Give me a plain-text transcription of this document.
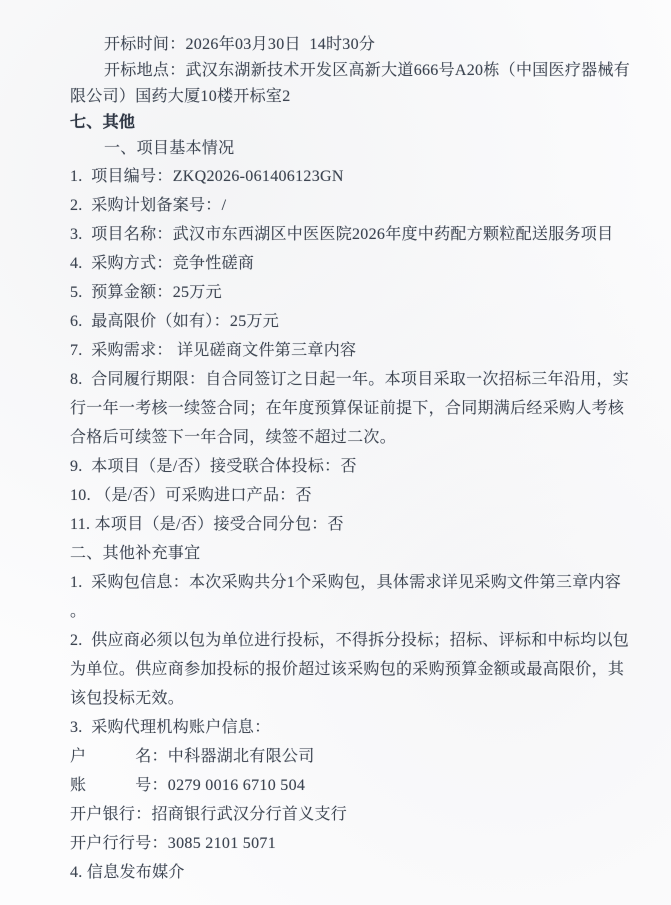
开标时间：2026年03月30日  14时30分
开标地点：武汉东湖新技术开发区高新大道666号A20栋（中国医疗器械有
限公司）国药大厦10楼开标室2
七、其他
一、项目基本情况
1.  项目编号：ZKQ2026-061406123GN
2.  采购计划备案号：/
3.  项目名称：武汉市东西湖区中医医院2026年度中药配方颗粒配送服务项目
4.  采购方式：竞争性磋商
5.  预算金额：25万元
6.  最高限价（如有）：25万元
7.  采购需求： 详见磋商文件第三章内容
8.  合同履行期限：自合同签订之日起一年。本项目采取一次招标三年沿用，实
行一年一考核一续签合同；在年度预算保证前提下，合同期满后经采购人考核
合格后可续签下一年合同，续签不超过二次。
9.  本项目（是/否）接受联合体投标：否
10. （是/否）可采购进口产品：否
11. 本项目（是/否）接受合同分包：否
二、其他补充事宜
1.  采购包信息：本次采购共分1个采购包，具体需求详见采购文件第三章内容
。
2.  供应商必须以包为单位进行投标，不得拆分投标；招标、评标和中标均以包
为单位。供应商参加投标的报价超过该采购包的采购预算金额或最高限价，其
该包投标无效。
3.  采购代理机构账户信息：
户　　　名：中科器湖北有限公司
账　　　号：0279 0016 6710 504
开户银行：招商银行武汉分行首义支行
开户行行号：3085 2101 5071
4. 信息发布媒介
